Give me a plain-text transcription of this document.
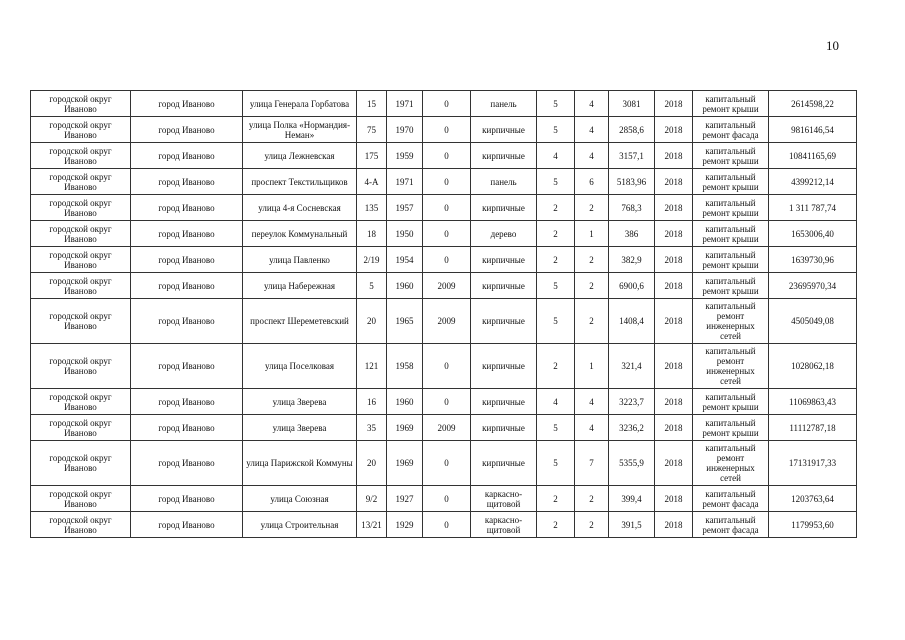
10
городской округ Иваново	город Иваново	улица Генерала Горбатова	15	1971	0	панель	5	4	3081	2018	капитальный ремонт крыши	2614598,22
городской округ Иваново	город Иваново	улица Полка «Нормандия-Неман»	75	1970	0	кирпичные	5	4	2858,6	2018	капитальный ремонт фасада	9816146,54
городской округ Иваново	город Иваново	улица Лежневская	175	1959	0	кирпичные	4	4	3157,1	2018	капитальный ремонт крыши	10841165,69
городской округ Иваново	город Иваново	проспект Текстильщиков	4-А	1971	0	панель	5	6	5183,96	2018	капитальный ремонт крыши	4399212,14
городской округ Иваново	город Иваново	улица 4-я Сосневская	135	1957	0	кирпичные	2	2	768,3	2018	капитальный ремонт крыши	1 311 787,74
городской округ Иваново	город Иваново	переулок Коммунальный	18	1950	0	дерево	2	1	386	2018	капитальный ремонт крыши	1653006,40
городской округ Иваново	город Иваново	улица Павленко	2/19	1954	0	кирпичные	2	2	382,9	2018	капитальный ремонт крыши	1639730,96
городской округ Иваново	город Иваново	улица Набережная	5	1960	2009	кирпичные	5	2	6900,6	2018	капитальный ремонт крыши	23695970,34
городской округ Иваново	город Иваново	проспект Шереметевский	20	1965	2009	кирпичные	5	2	1408,4	2018	капитальный ремонт инженерных сетей	4505049,08
городской округ Иваново	город Иваново	улица Поселковая	121	1958	0	кирпичные	2	1	321,4	2018	капитальный ремонт инженерных сетей	1028062,18
городской округ Иваново	город Иваново	улица Зверева	16	1960	0	кирпичные	4	4	3223,7	2018	капитальный ремонт крыши	11069863,43
городской округ Иваново	город Иваново	улица Зверева	35	1969	2009	кирпичные	5	4	3236,2	2018	капитальный ремонт крыши	11112787,18
городской округ Иваново	город Иваново	улица Парижской Коммуны	20	1969	0	кирпичные	5	7	5355,9	2018	капитальный ремонт инженерных сетей	17131917,33
городской округ Иваново	город Иваново	улица Союзная	9/2	1927	0	каркасно-щитовой	2	2	399,4	2018	капитальный ремонт фасада	1203763,64
городской округ Иваново	город Иваново	улица Строительная	13/21	1929	0	каркасно-щитовой	2	2	391,5	2018	капитальный ремонт фасада	1179953,60
